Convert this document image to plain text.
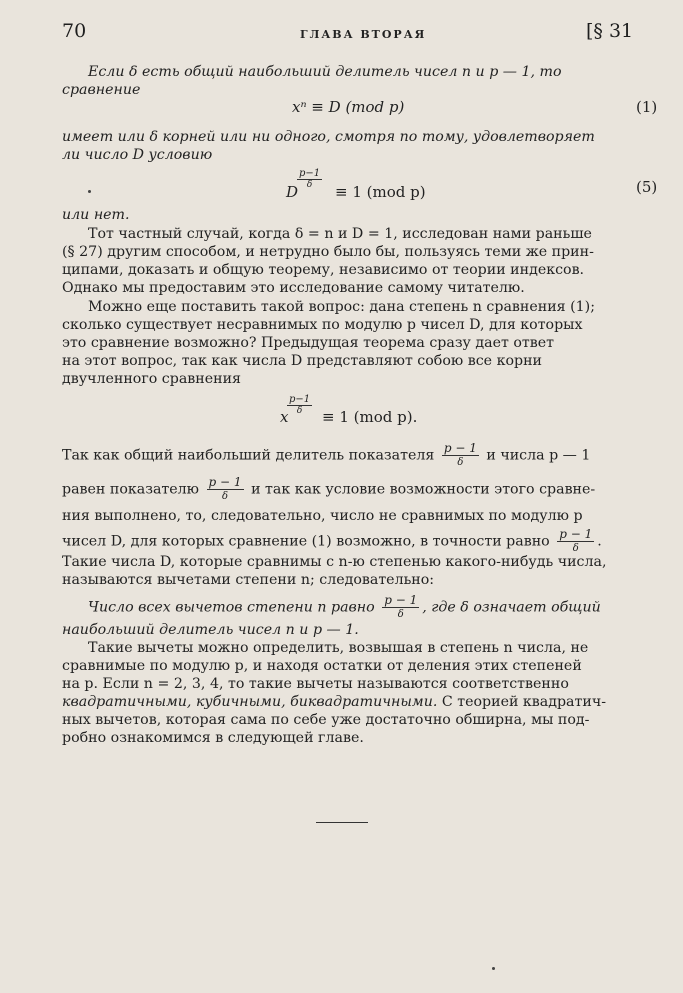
70	ГЛАВА ВТОРАЯ	[§ 31
Если δ есть общий наибольший делитель чисел n и p — 1, то
сравнение
xⁿ ≡ D (mod p)	(1)
имеет или δ корней или ни одного, смотря по тому, удовлетворяет
ли число D условию
D
$\frac{p-1}{\delta}$
≡ 1 (mod p)	(5)
или нет.
Тот частный случай, когда δ = n и D = 1, исследован нами раньше
(§ 27) другим способом, и нетрудно было бы, пользуясь теми же прин-
ципами, доказать и общую теорему, независимо от теории индексов.
Однако мы предоставим это исследование самому читателю.
Можно еще поставить такой вопрос: дана степень n сравнения (1);
сколько существует несравнимых по модулю p чисел D, для которых
это сравнение возможно? Предыдущая теорема сразу дает ответ
на этот вопрос, так как числа D представляют собою все корни
двучленного сравнения
x
$\frac{p-1}{\delta} \equiv 1$ (mod p).
Так как общий наибольший делитель показателя $\frac{p - 1}{\delta}$ и числа p — 1
равен показателю $\frac{p - 1}{\delta}$ и так как условие возможности этого сравне-
ния выполнено, то, следовательно, число не сравнимых по модулю p
чисел D, для которых сравнение (1) возможно, в точности равно $\frac{p - 1}{\delta}$ .
Такие числа D, которые сравнимы с n-ю степенью какого-нибудь числа,
называются вычетами степени n; следовательно:
Число всех вычетов степени n равно $\frac{p - 1}{\delta}$ , где δ означает общий
наибольший делитель чисел n и p — 1.
Такие вычеты можно определить, возвышая в степень n числа, не
сравнимые по модулю p, и находя остатки от деления этих степеней
на p. Если n = 2, 3, 4, то такие вычеты называются соответственно
квадратичными, кубичными, биквадратичными. С теорией квадратич-
ных вычетов, которая сама по себе уже достаточно обширна, мы под-
робно ознакомимся в следующей главе.
